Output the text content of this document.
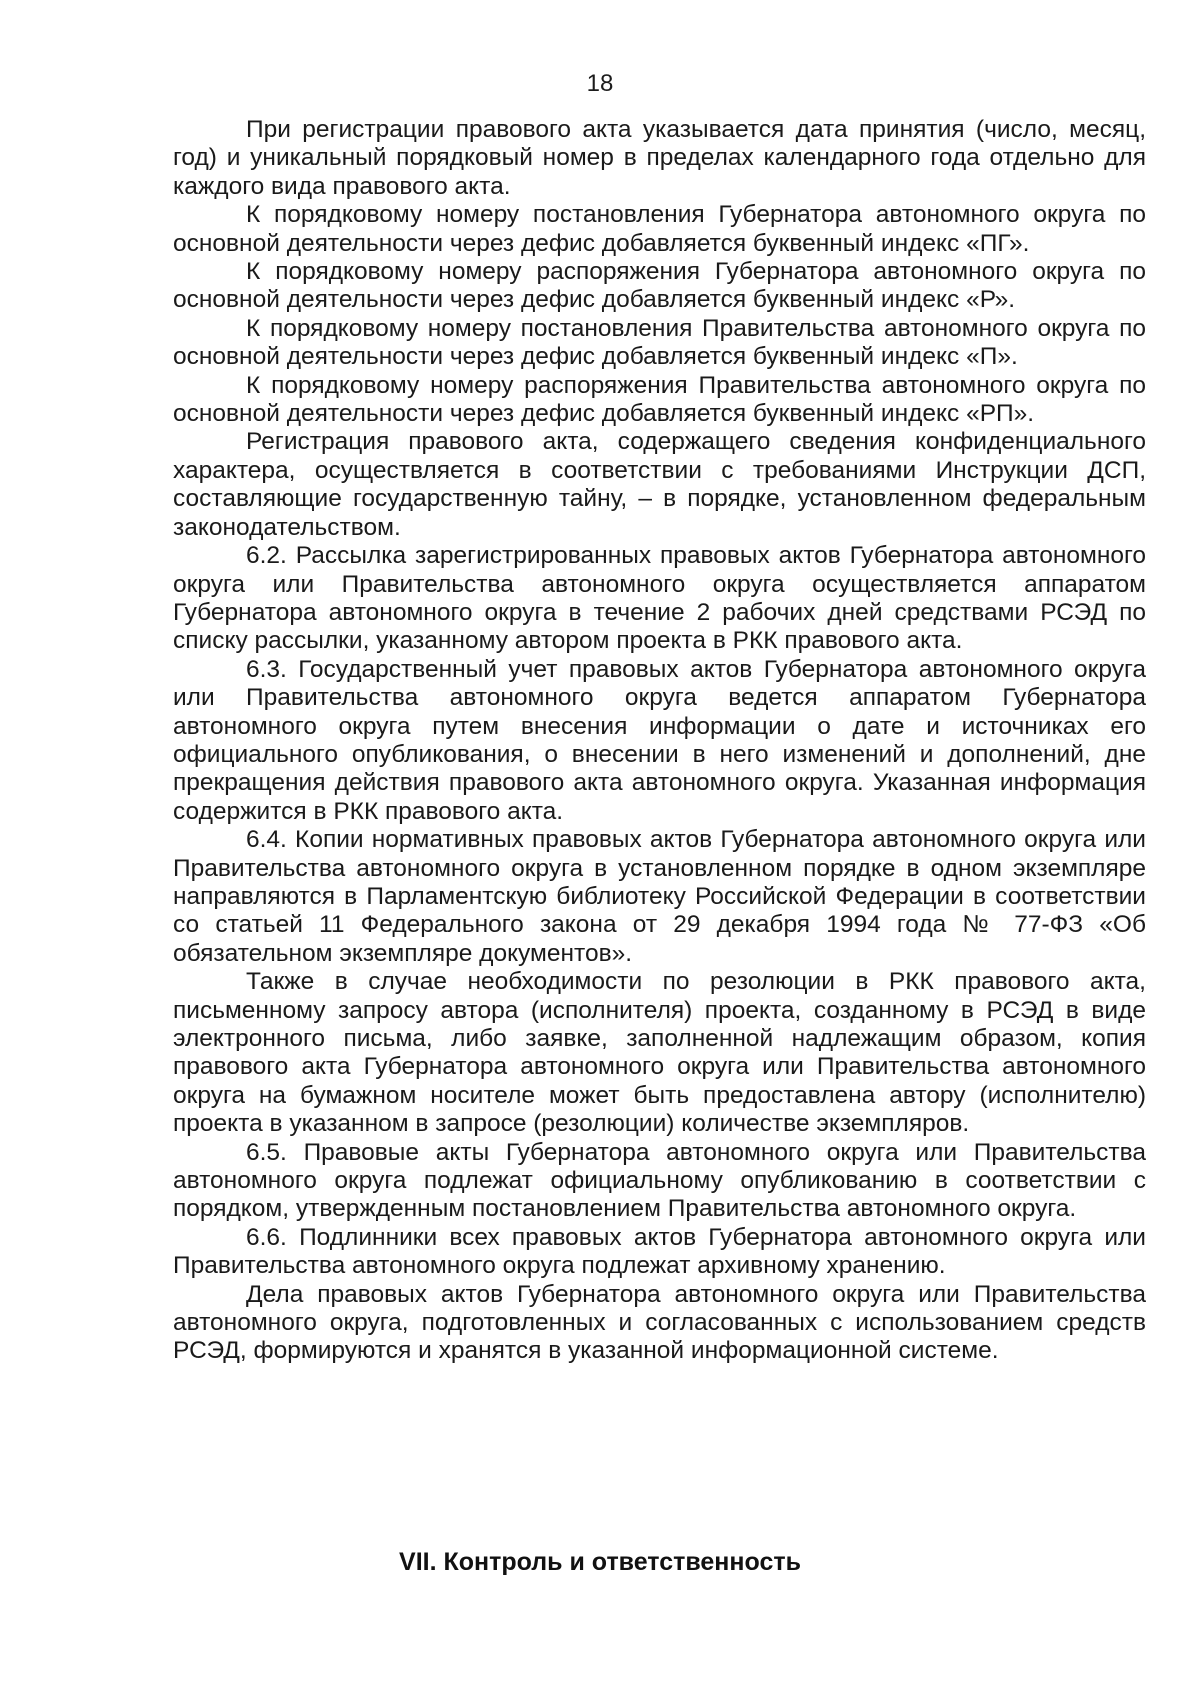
18

При регистрации правового акта указывается дата принятия (число, месяц, год) и уникальный порядковый номер в пределах календарного года отдельно для каждого вида правового акта.

К порядковому номеру постановления Губернатора автономного округа по основной деятельности через дефис добавляется буквенный индекс «ПГ».

К порядковому номеру распоряжения Губернатора автономного округа по основной деятельности через дефис добавляется буквенный индекс «Р».

К порядковому номеру постановления Правительства автономного округа по основной деятельности через дефис добавляется буквенный индекс «П».

К порядковому номеру распоряжения Правительства автономного округа по основной деятельности через дефис добавляется буквенный индекс «РП».

Регистрация правового акта, содержащего сведения конфиденциального характера, осуществляется в соответствии с требованиями Инструкции ДСП, составляющие государственную тайну, – в порядке, установленном федеральным законодательством.

6.2. Рассылка зарегистрированных правовых актов Губернатора автономного округа или Правительства автономного округа осуществляется аппаратом Губернатора автономного округа в течение 2 рабочих дней средствами РСЭД по списку рассылки, указанному автором проекта в РКК правового акта.

6.3. Государственный учет правовых актов Губернатора автономного округа или Правительства автономного округа ведется аппаратом Губернатора автономного округа путем внесения информации о дате и источниках его официального опубликования, о внесении в него изменений и дополнений, дне прекращения действия правового акта автономного округа. Указанная информация содержится в РКК правового акта.

6.4. Копии нормативных правовых актов Губернатора автономного округа или Правительства автономного округа в установленном порядке в одном экземпляре направляются в Парламентскую библиотеку Российской Федерации в соответствии со статьей 11 Федерального закона от 29 декабря 1994 года № 77-ФЗ «Об обязательном экземпляре документов».

Также в случае необходимости по резолюции в РКК правового акта, письменному запросу автора (исполнителя) проекта, созданному в РСЭД в виде электронного письма, либо заявке, заполненной надлежащим образом, копия правового акта Губернатора автономного округа или Правительства автономного округа на бумажном носителе может быть предоставлена автору (исполнителю) проекта в указанном в запросе (резолюции) количестве экземпляров.

6.5. Правовые акты Губернатора автономного округа или Правительства автономного округа подлежат официальному опубликованию в соответствии с порядком, утвержденным постановлением Правительства автономного округа.

6.6. Подлинники всех правовых актов Губернатора автономного округа или Правительства автономного округа подлежат архивному хранению.

Дела правовых актов Губернатора автономного округа или Правительства автономного округа, подготовленных и согласованных с использованием средств РСЭД, формируются и хранятся в указанной информационной системе.

VII. Контроль и ответственность
